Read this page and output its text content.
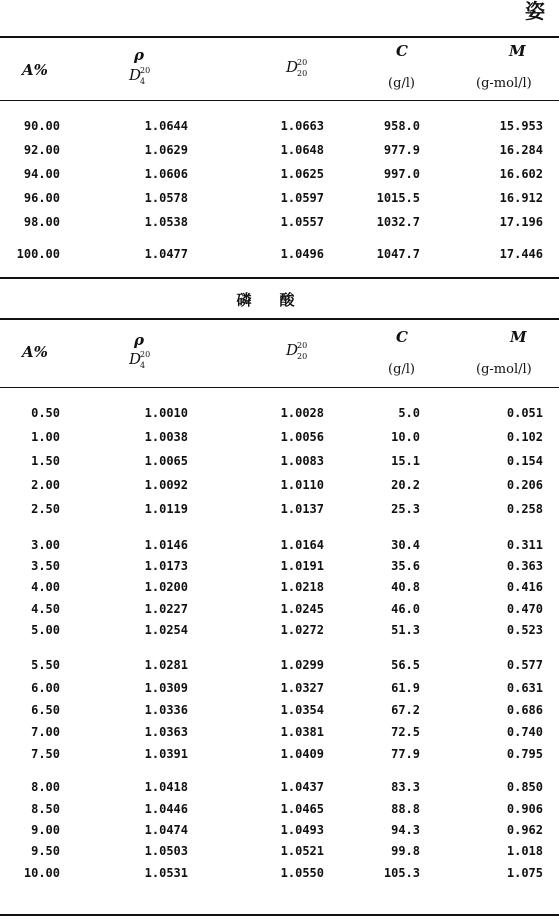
姿
A%
ρ
D
20
4
D
20
20
C
(g/l)
M
(g-mol/l)
90.00	1.0644	1.0663	958.0	15.953
92.00	1.0629	1.0648	977.9	16.284
94.00	1.0606	1.0625	997.0	16.602
96.00	1.0578	1.0597	1015.5	16.912
98.00	1.0538	1.0557	1032.7	17.196
100.00	1.0477	1.0496	1047.7	17.446
磷酸
A%
ρ
D
20
4
D
20
20
C
(g/l)
M
(g-mol/l)
0.50	1.0010	1.0028	5.0	0.051
1.00	1.0038	1.0056	10.0	0.102
1.50	1.0065	1.0083	15.1	0.154
2.00	1.0092	1.0110	20.2	0.206
2.50	1.0119	1.0137	25.3	0.258
3.00	1.0146	1.0164	30.4	0.311
3.50	1.0173	1.0191	35.6	0.363
4.00	1.0200	1.0218	40.8	0.416
4.50	1.0227	1.0245	46.0	0.470
5.00	1.0254	1.0272	51.3	0.523
5.50	1.0281	1.0299	56.5	0.577
6.00	1.0309	1.0327	61.9	0.631
6.50	1.0336	1.0354	67.2	0.686
7.00	1.0363	1.0381	72.5	0.740
7.50	1.0391	1.0409	77.9	0.795
8.00	1.0418	1.0437	83.3	0.850
8.50	1.0446	1.0465	88.8	0.906
9.00	1.0474	1.0493	94.3	0.962
9.50	1.0503	1.0521	99.8	1.018
10.00	1.0531	1.0550	105.3	1.075
